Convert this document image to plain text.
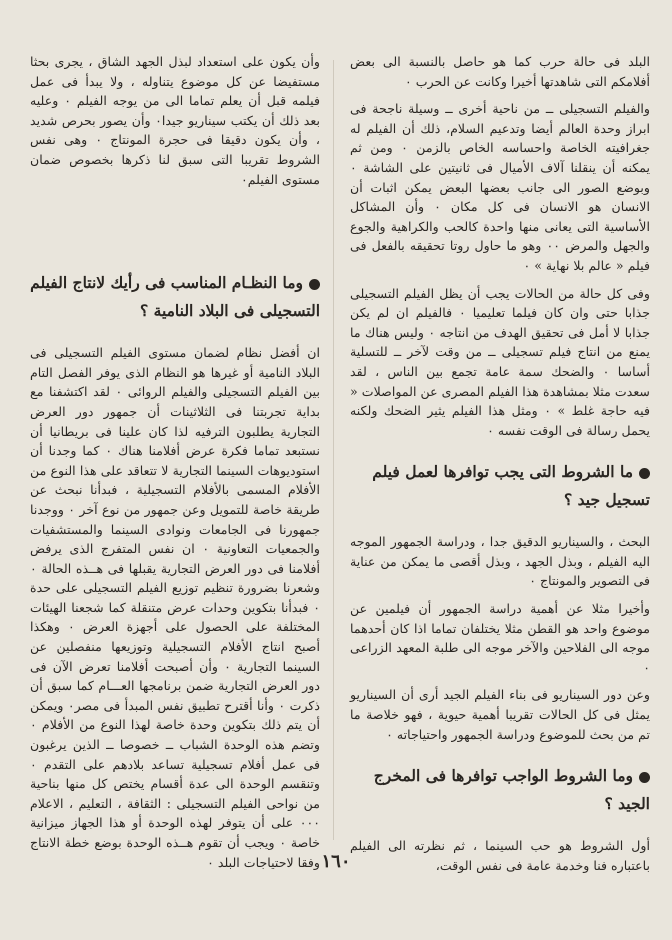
البلد فى حالة حرب كما هو حاصل بالنسبة الى بعض أفلامكم التى شاهدتها أخيرا وكانت عن الحرب ٠

والفيلم التسجيلى ــ من ناحية أخرى ــ وسيلة ناجحة فى ابراز وحدة العالم أيضا وتدعيم السلام، ذلك أن الفيلم له جغرافيته الخاصة واحساسه الخاص بالزمن ٠ ومن ثم يمكنه أن ينقلنا آلاف الأميال فى ثانيتين على الشاشة ٠ وبوضع الصور الى جانب بعضها البعض يمكن اثبات أن الانسان هو الانسان فى كل مكان ٠ وأن المشاكل الأساسية التى يعانى منها واحدة كالحب والكراهية والجوع والجهل والمرض ٠٠ وهو ما حاول روتا تحقيقه بالفعل فى فيلم « عالم بلا نهاية » ٠

وفى كل حالة من الحالات يجب أن يظل الفيلم التسجيلى جذابا حتى وان كان فيلما تعليميا ٠ فالفيلم ان لم يكن جذابا لا أمل فى تحقيق الهدف من انتاجه ٠ وليس هناك ما يمنع من انتاج فيلم تسجيلى ــ من وقت لآخر ــ للتسلية أساسا ٠ والضحك سمة عامة تجمع بين الناس ، لقد سعدت مثلا بمشاهدة هذا الفيلم المصرى عن المواصلات « فيه حاجة غلط » ٠ ومثل هذا الفيلم يثير الضحك ولكنه يحمل رسالة فى الوقت نفسه ٠

ما الشروط التى يجب توافرها لعمل فيلم

تسجيل جيد ؟

البحث ، والسيناريو الدقيق جدا ، ودراسة الجمهور الموجه اليه الفيلم ، وبذل الجهد ، وبذل أقصى ما يمكن من عناية فى التصوير والمونتاج ٠

وأخيرا مثلا عن أهمية دراسة الجمهور أن فيلمين عن موضوع واحد هو القطن مثلا يختلفان تماما اذا كان أحدهما موجه الى الفلاحين والآخر موجه الى طلبة المعهد الزراعى ٠

وعن دور السيناريو فى بناء الفيلم الجيد أرى أن السيناريو يمثل فى كل الحالات تقريبا أهمية حيوية ، فهو خلاصة ما تم من بحث للموضوع ودراسة الجمهور واحتياجاته ٠

وما الشروط الواجب توافرها فى المخرج

الجيد ؟

أول الشروط هو حب السينما ، ثم نظرته الى الفيلم باعتباره فنا وخدمة عامة فى نفس الوقت،

وأن يكون على استعداد لبذل الجهد الشاق ، يجرى بحثا مستفيضا عن كل موضوع يتناوله ، ولا يبدأ فى عمل فيلمه قبل أن يعلم تماما الى من يوجه الفيلم ٠ وعليه بعد ذلك أن يكتب سيناريو جيدا٠ وأن يصور بحرص شديد ، وأن يكون دقيقا فى حجرة المونتاج ٠ وهى نفس الشروط تقريبا التى سبق لنا ذكرها بخصوص ضمان مستوى الفيلم٠

وما النظـام المناسب فى رأيك لانتاج الفيلم

التسجيلى فى البلاد النامية ؟

ان أفضل نظام لضمان مستوى الفيلم التسجيلى فى البلاد النامية أو غيرها هو النظام الذى يوفر الفصل التام بين الفيلم التسجيلى والفيلم الروائى ٠ لقد اكتشفنا مع بداية تجربتنا فى الثلاثينات أن جمهور دور العرض التجارية يطلبون الترفيه لذا كان علينا فى بريطانيا أن نستبعد تماما فكرة عرض أفلامنا هناك ٠ كما وجدنا أن استوديوهات السينما التجارية لا تتعاقد على هذا النوع من الأفلام المسمى بالأفلام التسجيلية ، فبدأنا نبحث عن طريقة خاصة للتمويل وعن جمهور من نوع آخر ٠ ووجدنا جمهورنا فى الجامعات ونوادى السينما والمستشفيات والجمعيات التعاونية ٠ ان نفس المتفرج الذى يرفض أفلامنا فى دور العرض التجارية يقبلها فى هــذه الحالة ٠ وشعرنا بضرورة تنظيم توزيع الفيلم التسجيلى على حدة ٠ فبدأنا بتكوين وحدات عرض متنقلة كما شجعنا الهيئات المختلفة على الحصول على أجهزة العرض ٠ وهكذا أصبح انتاج الأفلام التسجيلية وتوزيعها منفصلين عن السينما التجارية ٠ وأن أصبحت أفلامنا تعرض الآن فى دور العرض التجارية ضمن برنامجها العـــام كما سبق أن ذكرت ٠ وأنا أقترح تطبيق نفس المبدأ فى مصر٠ ويمكن أن يتم ذلك بتكوين وحدة خاصة لهذا النوع من الأفلام ٠ وتضم هذه الوحدة الشباب ــ خصوصا ــ الذين يرغبون فى عمل أفلام تسجيلية تساعد بلادهم على التقدم ٠ وتنقسم الوحدة الى عدة أقسام يختص كل منها بناحية من نواحى الفيلم التسجيلى : الثقافة ، التعليم ، الاعلام ٠٠٠ على أن يتوفر لهذه الوحدة أو هذا الجهاز ميزانية خاصة ٠ ويجب أن تقوم هــذه الوحدة بوضع خطة الانتاج وفقا لاحتياجات البلد ٠ ١٦٠
